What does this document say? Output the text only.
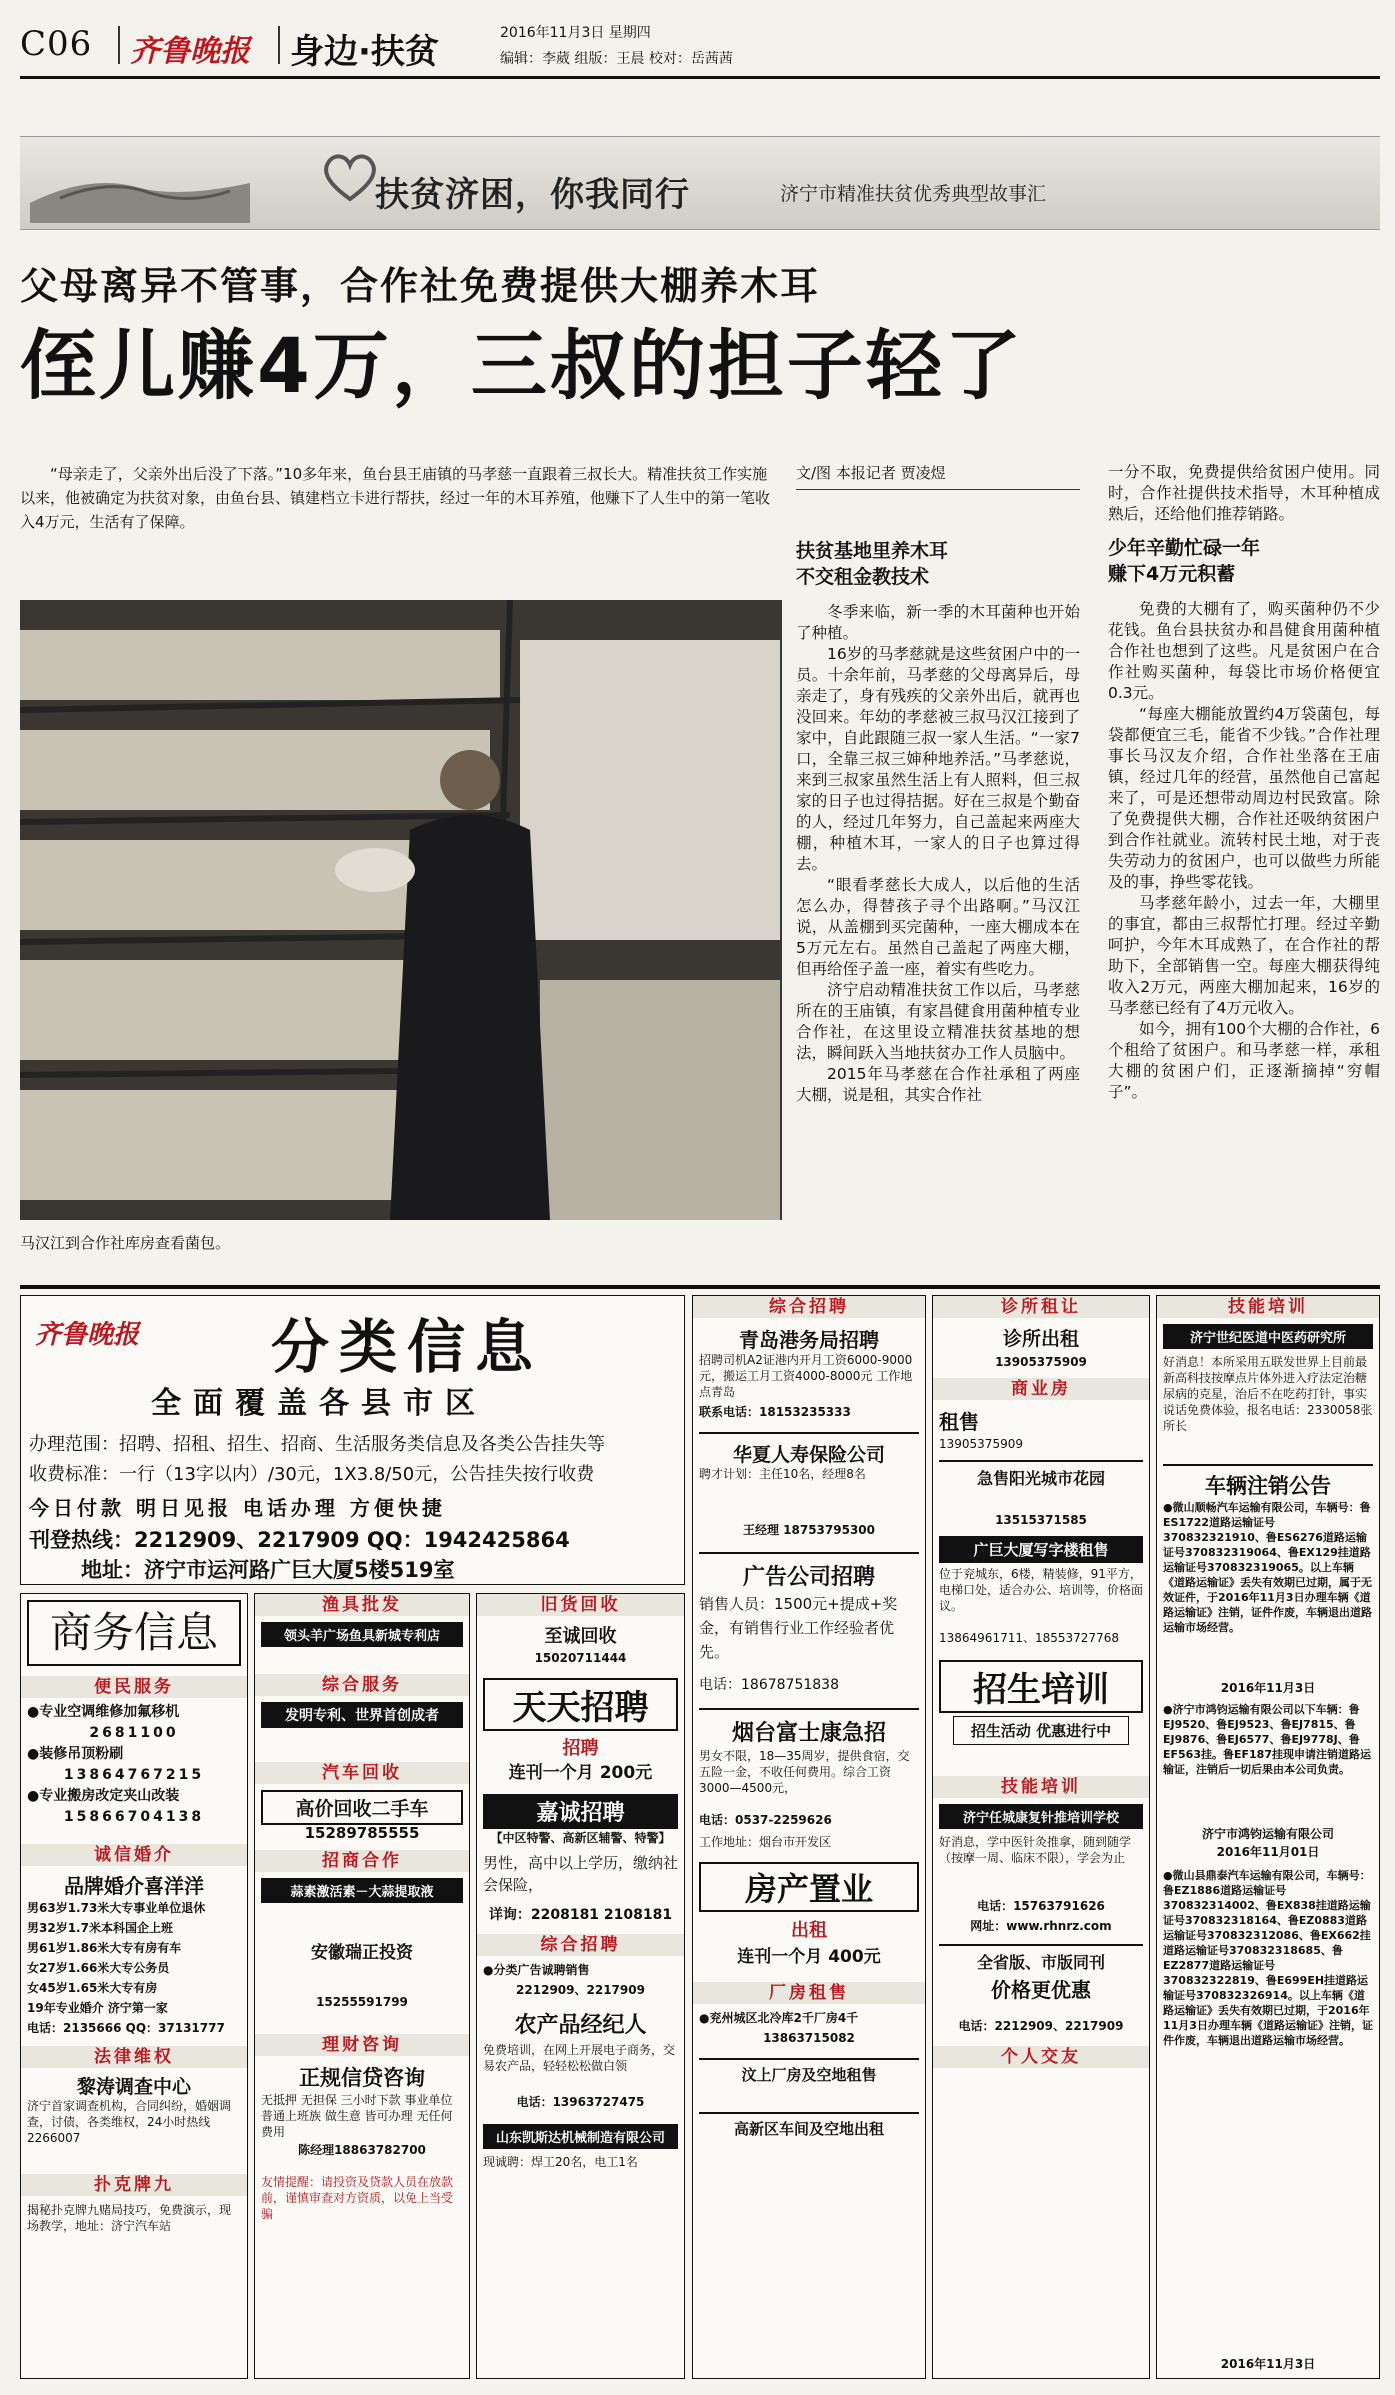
C06 齐鲁晚报 身边·扶贫	2016年11月3日 星期四
编辑：李葳 组版：王晨 校对：岳茜茜
扶贫济困，你我同行	济宁市精准扶贫优秀典型故事汇
父母离异不管事，合作社免费提供大棚养木耳
侄儿赚4万，三叔的担子轻了
“母亲走了，父亲外出后没了下落。”10多年来，鱼台县王庙镇的马孝慈一直跟着三叔长大。精准扶贫工作实施以来，他被确定为扶贫对象，由鱼台县、镇建档立卡进行帮扶，经过一年的木耳养殖，他赚下了人生中的第一笔收入4万元，生活有了保障。
马汉江到合作社库房查看菌包。
文/图 本报记者 贾凌煜
扶贫基地里养木耳
不交租金教技术

冬季来临，新一季的木耳菌种也开始了种植。

16岁的马孝慈就是这些贫困户中的一员。十余年前，马孝慈的父母离异后，母亲走了，身有残疾的父亲外出后，就再也没回来。年幼的孝慈被三叔马汉江接到了家中，自此跟随三叔一家人生活。“一家7口，全靠三叔三婶种地养活。”马孝慈说，来到三叔家虽然生活上有人照料，但三叔家的日子也过得拮据。好在三叔是个勤奋的人，经过几年努力，自己盖起来两座大棚，种植木耳，一家人的日子也算过得去。

“眼看孝慈长大成人，以后他的生活怎么办，得替孩子寻个出路啊。”马汉江说，从盖棚到买完菌种，一座大棚成本在5万元左右。虽然自己盖起了两座大棚，但再给侄子盖一座，着实有些吃力。

济宁启动精准扶贫工作以后，马孝慈所在的王庙镇，有家昌健食用菌种植专业合作社，在这里设立精准扶贫基地的想法，瞬间跃入当地扶贫办工作人员脑中。

2015年马孝慈在合作社承租了两座大棚，说是租，其实合作社

一分不取，免费提供给贫困户使用。同时，合作社提供技术指导，木耳种植成熟后，还给他们推荐销路。

少年辛勤忙碌一年
赚下4万元积蓄

免费的大棚有了，购买菌种仍不少花钱。鱼台县扶贫办和昌健食用菌种植合作社也想到了这些。凡是贫困户在合作社购买菌种，每袋比市场价格便宜0.3元。

“每座大棚能放置约4万袋菌包，每袋都便宜三毛，能省不少钱。”合作社理事长马汉友介绍，合作社坐落在王庙镇，经过几年的经营，虽然他自己富起来了，可是还想带动周边村民致富。除了免费提供大棚，合作社还吸纳贫困户到合作社就业。流转村民土地，对于丧失劳动力的贫困户，也可以做些力所能及的事，挣些零花钱。

马孝慈年龄小，过去一年，大棚里的事宜，都由三叔帮忙打理。经过辛勤呵护，今年木耳成熟了，在合作社的帮助下，全部销售一空。每座大棚获得纯收入2万元，两座大棚加起来，16岁的马孝慈已经有了4万元收入。

如今，拥有100个大棚的合作社，6个租给了贫困户。和马孝慈一样，承租大棚的贫困户们，正逐渐摘掉“穷帽子”。

齐鲁晚报 分类信息
全面覆盖各县市区
办理范围：招聘、招租、招生、招商、生活服务类信息及各类公告挂失等
收费标准：一行（13字以内）/30元，1X3.8/50元，公告挂失按行收费
今日付款 明日见报 电话办理 方便快捷
刊登热线：2212909、2217909 QQ：1942425864
地址：济宁市运河路广巨大厦5楼519室
商务信息
便民服务
●专业空调维修加氟移机
2681100
●装修吊顶粉刷
13864767215
●专业搬房改定夹山改装
15866704138
诚信婚介
品牌婚介喜洋洋
男63岁1.73米大专事业单位退休
男32岁1.7米本科国企上班
男61岁1.86米大专有房有车
女27岁1.66米大专公务员
女45岁1.65米大专有房
19年专业婚介 济宁第一家
电话：2135666 QQ：37131777
法律维权
黎涛调查中心
济宁首家调查机构，合同纠纷，婚姻调查，讨债，各类维权，24小时热线 2266007
扑克牌九
揭秘扑克牌九赌局技巧，免费演示，现场教学，地址：济宁汽车站
渔具批发
领头羊广场鱼具新城专利店
综合服务
发明专利、世界首创成者
汽车回收
高价回收二手车
15289785555
招商合作
蒜素激活素－大蒜提取液
安徽瑞正投资
15255591799
理财咨询
正规信贷咨询
无抵押 无担保 三小时下款 事业单位 普通上班族 做生意 皆可办理 无任何费用
陈经理18863782700
友情提醒：请投资及贷款人员在放款前，谨慎审查对方资质，以免上当受骗
旧货回收
至诚回收
15020711444
天天招聘
招聘
连刊一个月 200元
嘉诚招聘
【中区特警、高新区辅警、特警】
男性，高中以上学历，缴纳社会保险，
详询：2208181 2108181
综合招聘
●分类广告诚聘销售
2212909、2217909
农产品经纪人
免费培训，在网上开展电子商务，交易农产品，轻轻松松做白领
电话：13963727475
山东凯斯达机械制造有限公司
现诚聘：焊工20名，电工1名
综合招聘
青岛港务局招聘
招聘司机A2证港内开月工资6000-9000元，搬运工月工资4000-8000元 工作地点青岛
联系电话：18153235333
华夏人寿保险公司
聘才计划：主任10名，经理8名
王经理 18753795300
广告公司招聘
销售人员：1500元+提成+奖金，有销售行业工作经验者优先。
电话：18678751838
烟台富士康急招
男女不限，18—35周岁，提供食宿，交五险一金，不收任何费用。综合工资3000—4500元，
电话：0537-2259626
工作地址：烟台市开发区
房产置业
出租
连刊一个月 400元
厂房租售
●兖州城区北冷库2千厂房4千
13863715082
汶上厂房及空地租售
高新区车间及空地出租
诊所租让
诊所出租
13905375909
商业房
租售
13905375909
急售阳光城市花园
13515371585
广巨大厦写字楼租售
位于兖城东，6楼，精装修，91平方，电梯口处，适合办公、培训等，价格面议。
13864961711、18553727768
招生培训
招生活动 优惠进行中
技能培训
济宁任城康复针推培训学校
好消息，学中医针灸推拿，随到随学（按摩一周、临床不限），学会为止
电话：15763791626
网址：www.rhnrz.com
全省版、市版同刊
价格更优惠
电话：2212909、2217909
个人交友
技能培训
济宁世纪医道中医药研究所
好消息！本所采用五联发世界上目前最新高科技按摩点片体外进入疗法定治糖尿病的克星，治后不在吃药打针，事实说话免费体验，报名电话：2330058张所长
车辆注销公告
●微山顺畅汽车运输有限公司，车辆号：鲁ES1722道路运输证号370832321910、鲁ES6276道路运输证号370832319064、鲁EX129挂道路运输证号370832319065。以上车辆《道路运输证》丢失有效期已过期，属于无效证件，于2016年11月3日办理车辆《道路运输证》注销，证件作废，车辆退出道路运输市场经营。
2016年11月3日
●济宁市鸿钧运输有限公司以下车辆：鲁EJ9520、鲁EJ9523、鲁EJ7815、鲁EJ9876、鲁EJ6577、鲁EJ9778J、鲁EF563挂。鲁EF187挂现申请注销道路运输证，注销后一切后果由本公司负责。
济宁市鸿钧运输有限公司
2016年11月01日
●微山县鼎泰汽车运输有限公司，车辆号：鲁EZ1886道路运输证号370832314002、鲁EX838挂道路运输证号370832318164、鲁EZ0883道路运输证号370832312086、鲁EX662挂道路运输证号370832318685、鲁EZ2877道路运输证号370832322819、鲁E699EH挂道路运输证号370832326914。以上车辆《道路运输证》丢失有效期已过期，于2016年11月3日办理车辆《道路运输证》注销，证件作废，车辆退出道路运输市场经营。
2016年11月3日
